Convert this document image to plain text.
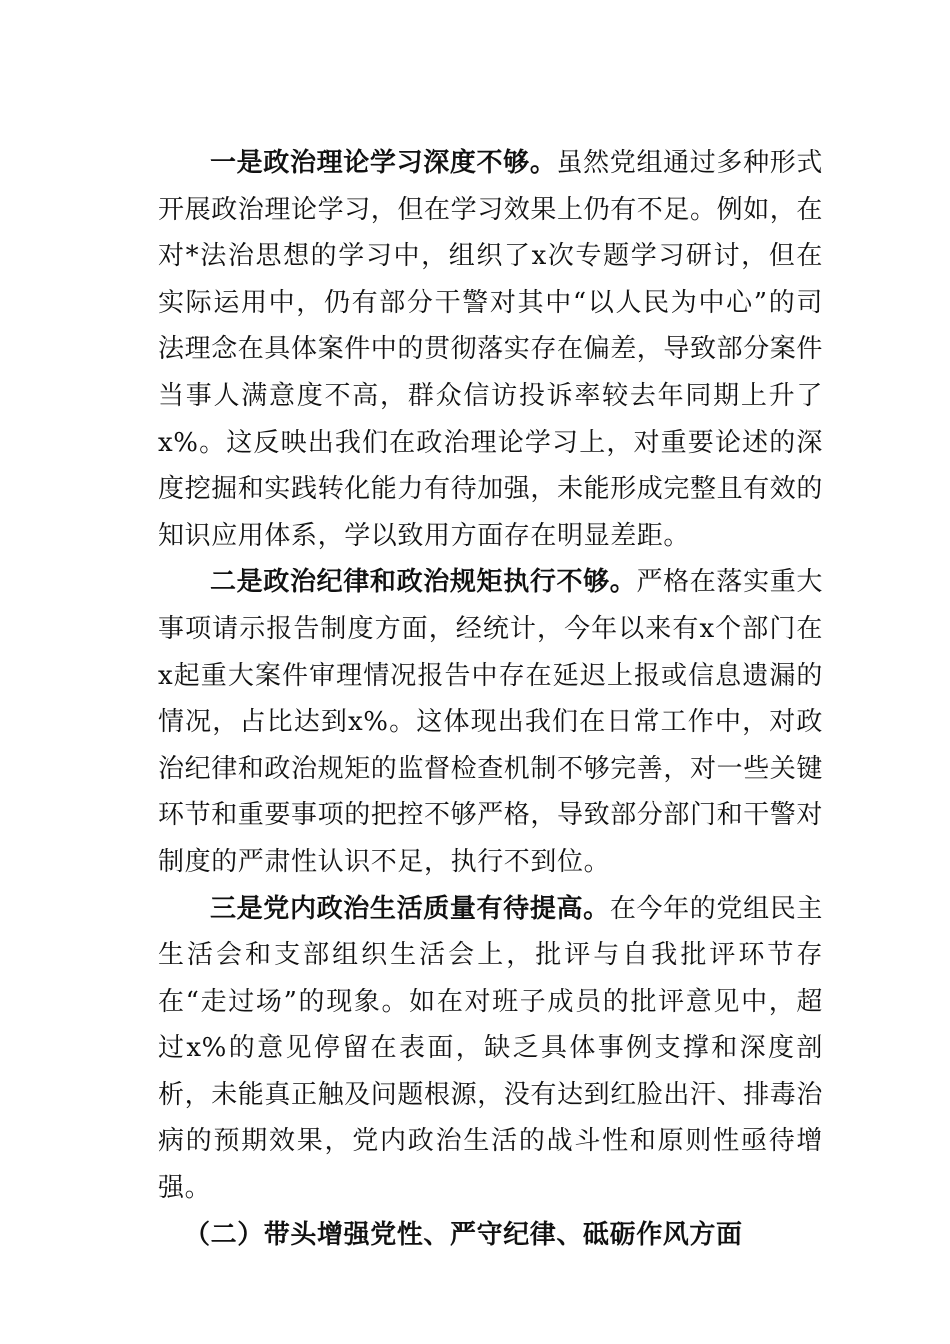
一是政治理论学习深度不够。虽然党组通过多种形式开展政治理论学习，但在学习效果上仍有不足。例如，在对*法治思想的学习中，组织了x次专题学习研讨，但在实际运用中，仍有部分干警对其中“以人民为中心”的司法理念在具体案件中的贯彻落实存在偏差，导致部分案件当事人满意度不高，群众信访投诉率较去年同期上升了x%。这反映出我们在政治理论学习上，对重要论述的深度挖掘和实践转化能力有待加强，未能形成完整且有效的知识应用体系，学以致用方面存在明显差距。

二是政治纪律和政治规矩执行不够。严格在落实重大事项请示报告制度方面，经统计，今年以来有x个部门在x起重大案件审理情况报告中存在延迟上报或信息遗漏的情况，占比达到x%。这体现出我们在日常工作中，对政治纪律和政治规矩的监督检查机制不够完善，对一些关键环节和重要事项的把控不够严格，导致部分部门和干警对制度的严肃性认识不足，执行不到位。

三是党内政治生活质量有待提高。在今年的党组民主生活会和支部组织生活会上，批评与自我批评环节存在“走过场”的现象。如在对班子成员的批评意见中，超过x%的意见停留在表面，缺乏具体事例支撑和深度剖析，未能真正触及问题根源，没有达到红脸出汗、排毒治病的预期效果，党内政治生活的战斗性和原则性亟待增强。

（二）带头增强党性、严守纪律、砥砺作风方面
